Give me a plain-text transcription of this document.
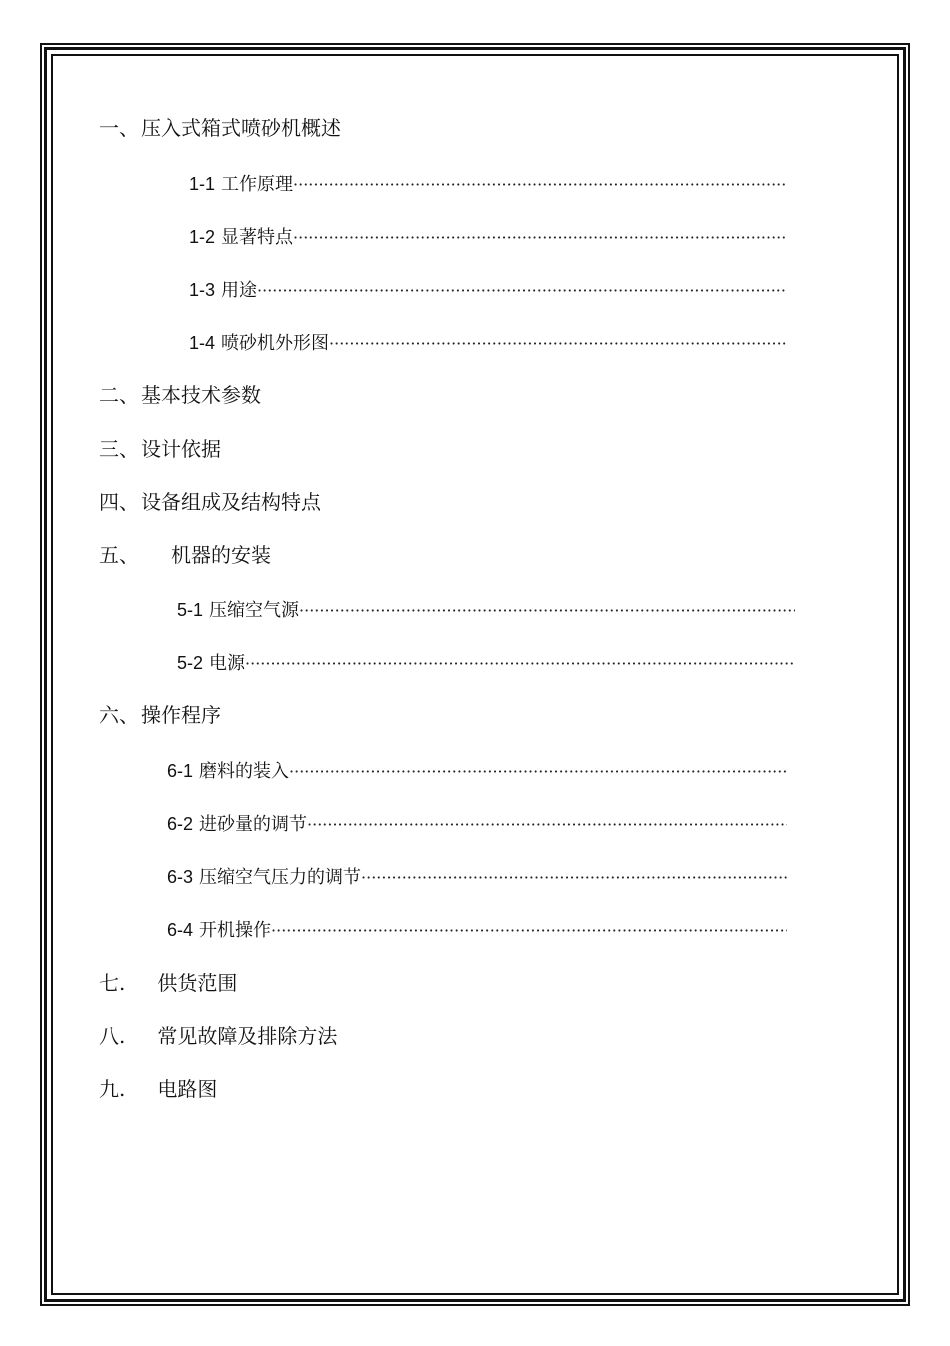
一、 压入式箱式喷砂机概述
1-1 工作原理
·····
1-2 显著特点
·····
1-3 用途
·····
1-4 喷砂机外形图
·····
二、 基本技术参数
三、 设计依据
四、 设备组成及结构特点
五、 机器的安装
5-1 压缩空气源
·····
5-2 电源
·····
六、 操作程序
6-1 磨料的装入
·····
6-2 进砂量的调节
·····
6-3 压缩空气压力的调节
·····
6-4 开机操作
·····
七. 供货范围
八. 常见故障及排除方法
九. 电路图
